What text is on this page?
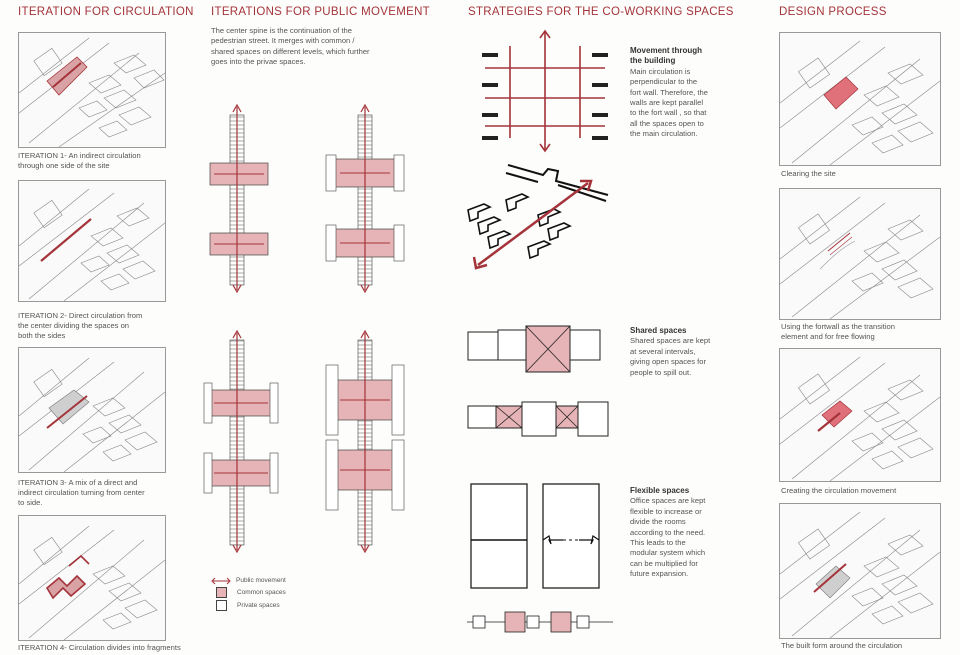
ITERATION FOR CIRCULATION ITERATIONS FOR PUBLIC MOVEMENT	STRATEGIES FOR THE CO-WORKING SPACES	DESIGN PROCESS
ITERATION 1- An indirect circulation
through one side of the site
ITERATION 2- Direct circulation from
the center dividing the spaces on
both the sides
ITERATION 3- A mix of a direct and
indirect circulation turning from center
to side.
ITERATION 4- Circulation divides into fragments
The center spine is the continuation of the
pedestrian street. It merges with common /
shared spaces on different levels, which further
goes into the privae spaces.
Public movement
Common spaces
Private spaces
Movement through
the building
Main circulation is
perpendicular to the
fort wall. Therefore, the
walls are kept parallel
to the fort wall , so that
all the spaces open to
the main circulation.
Shared spaces
Shared spaces are kept
at several intervals,
giving open spaces for
people to spill out.
Flexible spaces
Office spaces are kept
flexible to increase or
divide the rooms
according to the need.
This leads to the
modular system which
can be multiplied for
future expansion.
Clearing the site
Using the fortwall as the transition
element and for free flowing
Creating the circulation movement
The built form around the circulation
